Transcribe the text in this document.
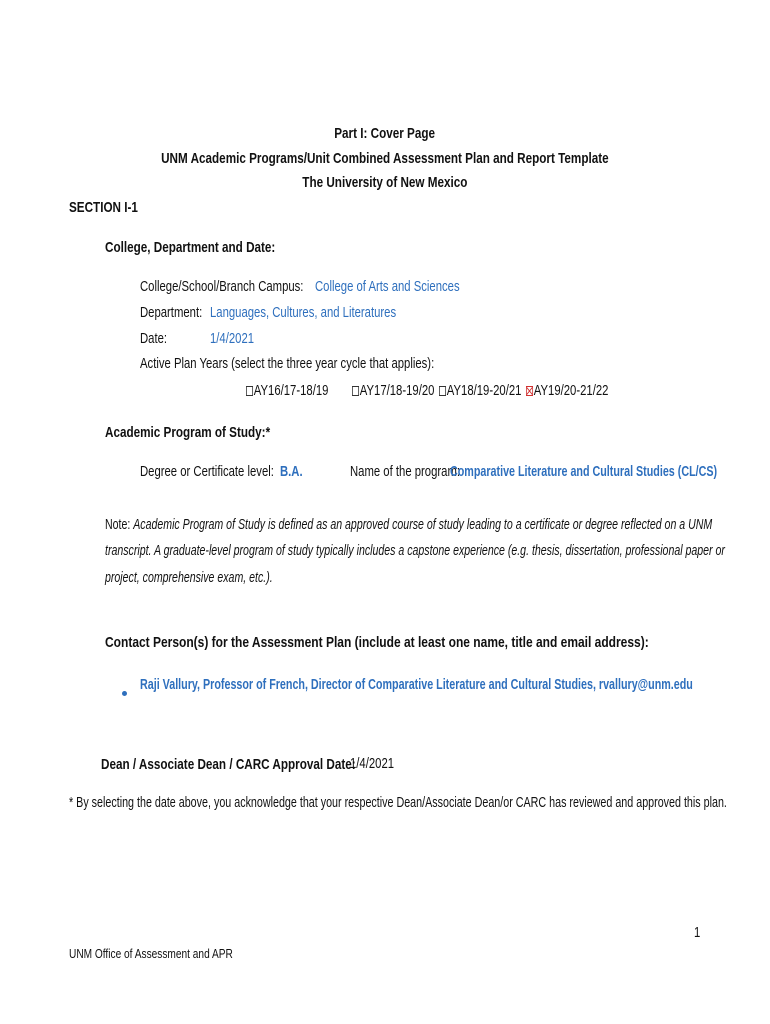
Part I: Cover Page
UNM Academic Programs/Unit Combined Assessment Plan and Report Template
The University of New Mexico
SECTION I-1
College, Department and Date:
College/School/Branch Campus: College of Arts and Sciences
Department: Languages, Cultures, and Literatures
Date:	1/4/2021
Active Plan Years (select the three year cycle that applies):
AY16/17-18/19	AY17/18-19/20 AY18/19-20/21 AY19/20-21/22
Academic Program of Study:*
Degree or Certificate level: B.A.	Name of the program:
Comparative Literature and Cultural Studies (CL/CS)
Note: Academic Program of Study is defined as an approved course of study leading to a certificate or degree reflected on a UNM
transcript. A graduate-level program of study typically includes a capstone experience (e.g. thesis, dissertation, professional paper or
project, comprehensive exam, etc.).
Contact Person(s) for the Assessment Plan (include at least one name, title and email address):
Raji Vallury, Professor of French, Director of Comparative Literature and Cultural Studies, rvallury@unm.edu
Dean / Associate Dean / CARC Approval Date:
1/4/2021
* By selecting the date above, you acknowledge that your respective Dean/Associate Dean/or CARC has reviewed and approved this plan.
1
UNM Office of Assessment and APR
